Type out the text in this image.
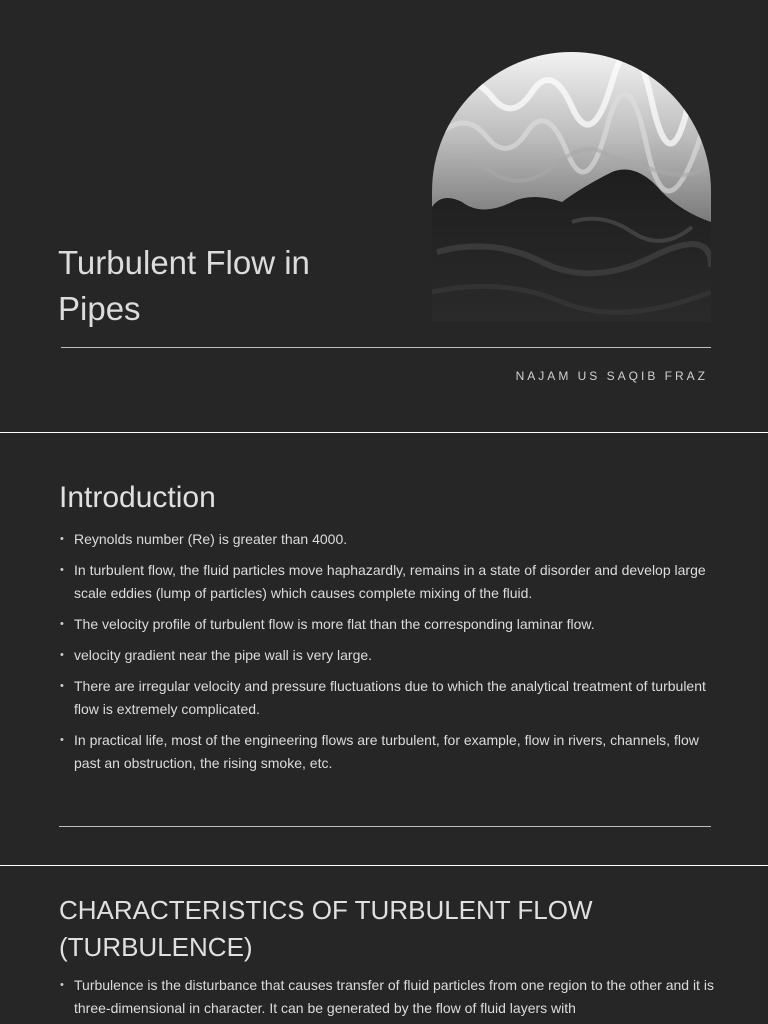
Turbulent Flow in Pipes
NAJAM US SAQIB FRAZ
Introduction
• Reynolds number (Re) is greater than 4000.
• In turbulent flow, the fluid particles move haphazardly, remains in a state of disorder and develop large scale eddies (lump of particles) which causes complete mixing of the fluid.
• The velocity profile of turbulent flow is more flat than the corresponding laminar flow.
• velocity gradient near the pipe wall is very large.
• There are irregular velocity and pressure fluctuations due to which the analytical treatment of turbulent flow is extremely complicated.
• In practical life, most of the engineering flows are turbulent, for example, flow in rivers, channels, flow past an obstruction, the rising smoke, etc.
CHARACTERISTICS OF TURBULENT FLOW (TURBULENCE)
• Turbulence is the disturbance that causes transfer of fluid particles from one region to the other and it is three-dimensional in character. It can be generated by the flow of fluid layers with
